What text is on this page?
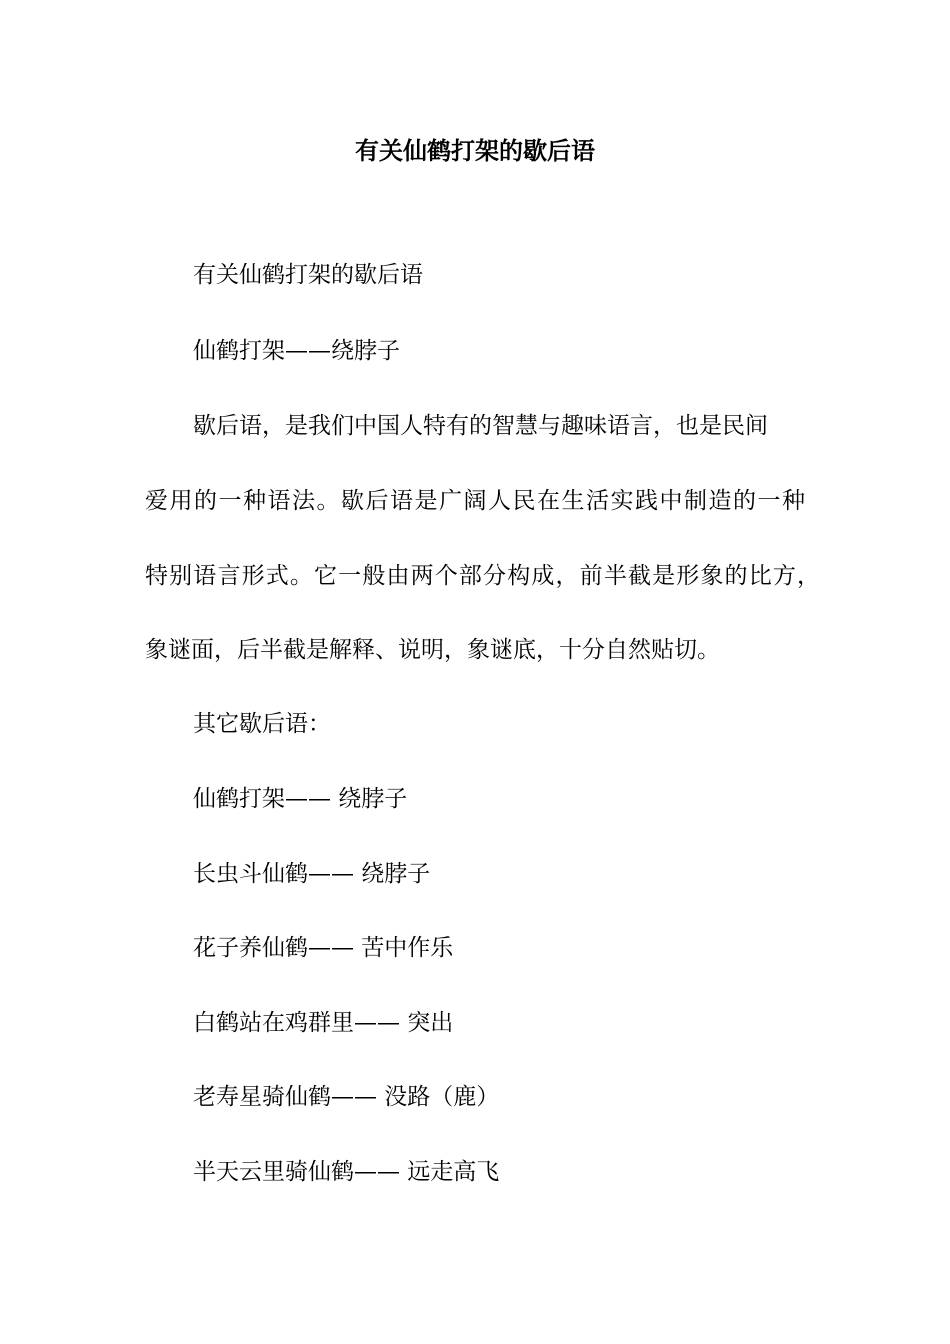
有关仙鹤打架的歇后语

有关仙鹤打架的歇后语

仙鹤打架——绕脖子

歇后语，是我们中国人特有的智慧与趣味语言，也是民间

爱用的一种语法。歇后语是广阔人民在生活实践中制造的一种

特别语言形式。它一般由两个部分构成，前半截是形象的比方，

象谜面，后半截是解释、说明，象谜底，十分自然贴切。

其它歇后语：

仙鹤打架—— 绕脖子

长虫斗仙鹤—— 绕脖子

花子养仙鹤—— 苦中作乐

白鹤站在鸡群里—— 突出

老寿星骑仙鹤—— 没路（鹿）

半天云里骑仙鹤—— 远走高飞
